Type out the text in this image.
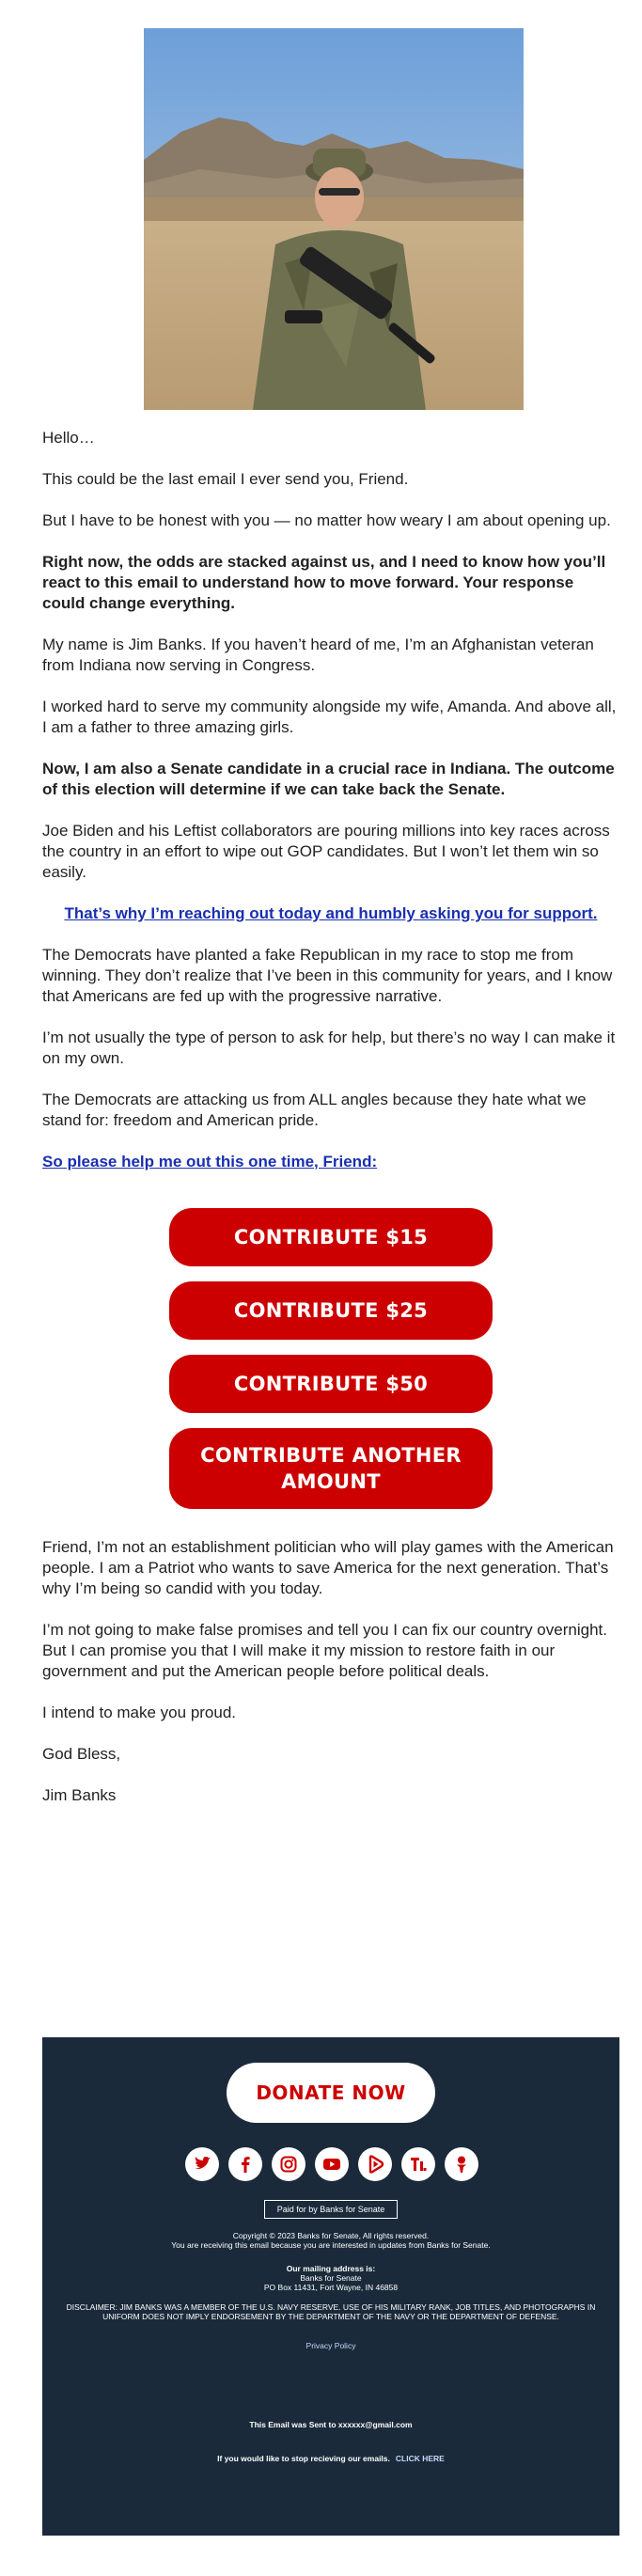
Hello…

This could be the last email I ever send you, Friend.

But I have to be honest with you — no matter how weary I am about opening up.

Right now, the odds are stacked against us, and I need to know how you’ll react to this email to understand how to move forward. Your response could change everything.

My name is Jim Banks. If you haven’t heard of me, I’m an Afghanistan veteran from Indiana now serving in Congress.

I worked hard to serve my community alongside my wife, Amanda. And above all, I am a father to three amazing girls.

Now, I am also a Senate candidate in a crucial race in Indiana. The outcome of this election will determine if we can take back the Senate.

Joe Biden and his Leftist collaborators are pouring millions into key races across the country in an effort to wipe out GOP candidates. But I won’t let them win so easily.

That’s why I’m reaching out today and humbly asking you for support.

The Democrats have planted a fake Republican in my race to stop me from winning. They don’t realize that I’ve been in this community for years, and I know that Americans are fed up with the progressive narrative.

I’m not usually the type of person to ask for help, but there’s no way I can make it on my own.

The Democrats are attacking us from ALL angles because they hate what we stand for: freedom and American pride.

So please help me out this one time, Friend:

CONTRIBUTE $15
CONTRIBUTE $25
CONTRIBUTE $50
CONTRIBUTE ANOTHER
AMOUNT

Friend, I’m not an establishment politician who will play games with the American people. I am a Patriot who wants to save America for the next generation. That’s why I’m being so candid with you today.

I’m not going to make false promises and tell you I can fix our country overnight. But I can promise you that I will make it my mission to restore faith in our government and put the American people before political deals.

I intend to make you proud.

God Bless,

Jim Banks

DONATE NOW
Paid for by Banks for Senate
Copyright © 2023 Banks for Senate, All rights reserved.
You are receiving this email because you are interested in updates from Banks for Senate.
Our mailing address is:
Banks for Senate
PO Box 11431, Fort Wayne, IN 46858
DISCLAIMER: JIM BANKS WAS A MEMBER OF THE U.S. NAVY RESERVE. USE OF HIS MILITARY RANK, JOB TITLES, AND PHOTOGRAPHS IN
UNIFORM DOES NOT IMPLY ENDORSEMENT BY THE DEPARTMENT OF THE NAVY OR THE DEPARTMENT OF DEFENSE.
Privacy Policy
This Email was Sent to xxxxxx@gmail.com
If you would like to stop recieving our emails. CLICK HERE
